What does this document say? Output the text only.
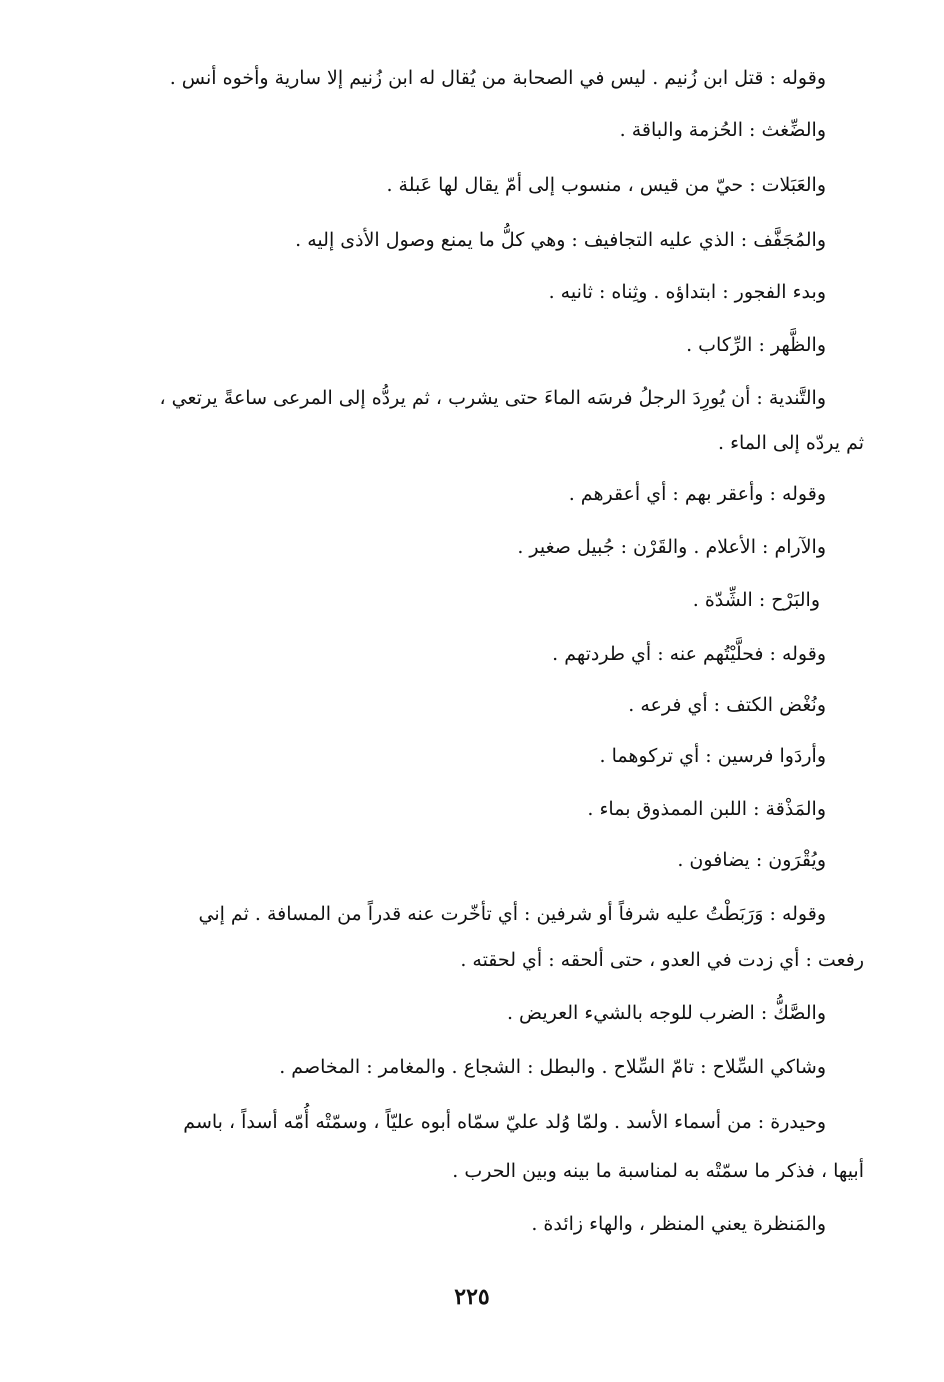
وقوله : قتل ابن زُنيم . ليس في الصحابة من يُقال له ابن زُنيم إلا سارية وأخوه أنس .
والضِّغث : الحُزمة والباقة .
والعَبَلات : حيّ من قيس ، منسوب إلى أمّ يقال لها عَبلة .
والمُجَفَّف : الذي عليه التجافيف : وهي كلُّ ما يمنع وصول الأذى إليه .
وبدء الفجور : ابتداؤه . وثِناه : ثانيه .
والظَّهر : الرِّكاب .
والتَّندية : أن يُورِدَ الرجلُ فرسَه الماءَ حتى يشرب ، ثم يردُّه إلى المرعى ساعةً يرتعي ،
ثم يردّه إلى الماء .
وقوله : وأعقر بهم : أي أعقرهم .
والآرام : الأعلام . والقَرْن : جُبيل صغير .
والبَرْح : الشِّدّة .
وقوله : فحلَّيْتُهم عنه : أي طردتهم .
ونُغْض الكتف : أي فرعه .
وأردَوا فرسين : أي تركوهما .
والمَذْقة : اللبن الممذوق بماء .
ويُقْرَون : يضافون .
وقوله : وَرَبَطْتُ عليه شرفاً أو شرفين : أي تأخّرت عنه قدراً من المسافة . ثم إني
رفعت : أي زدت في العدو ، حتى ألحقه : أي لحقته .
والصَّكُّ : الضرب للوجه بالشيء العريض .
وشاكي السِّلاح : تامّ السِّلاح . والبطل : الشجاع . والمغامر : المخاصم .
وحيدرة : من أسماء الأسد . ولمّا وُلد عليّ سمّاه أبوه عليّاً ، وسمّتْه أُمّه أسداً ، باسم
أبيها ، فذكر ما سمّتْه به لمناسبة ما بينه وبين الحرب .
والمَنظرة يعني المنظر ، والهاء زائدة .
٢٢٥
